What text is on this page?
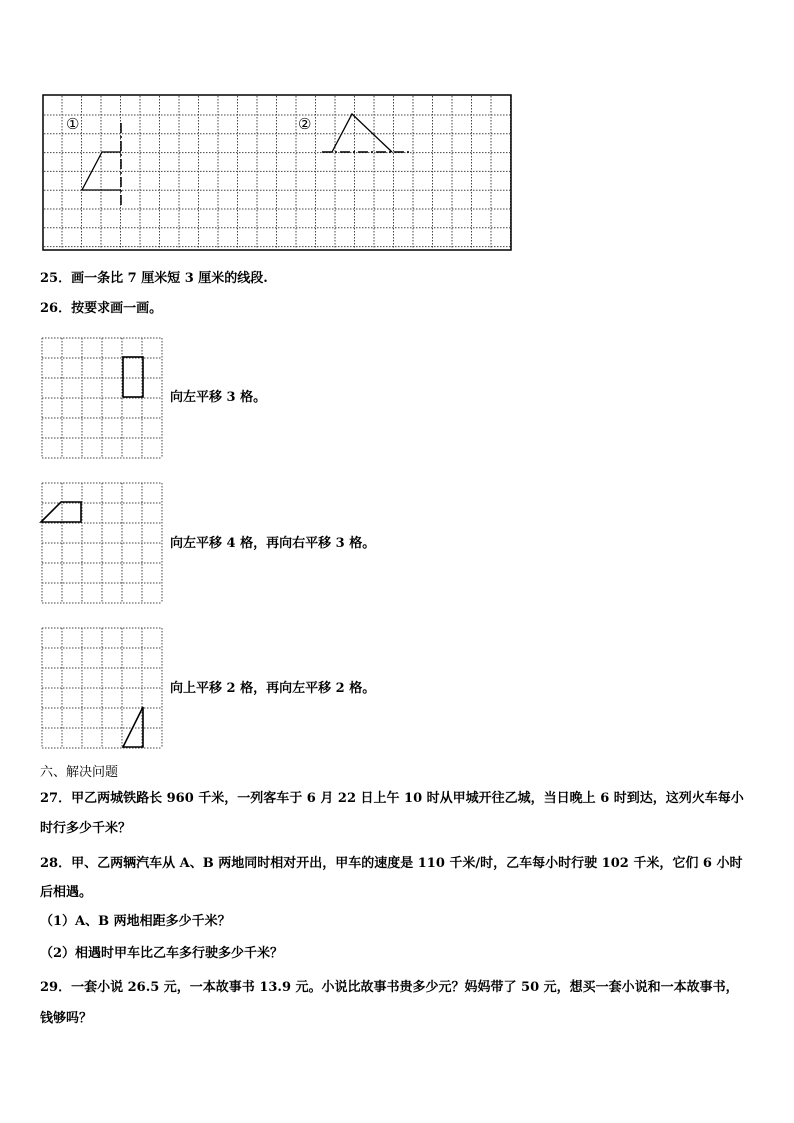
①	②
25．画一条比 7 厘米短 3 厘米的线段.
26．按要求画一画。
向左平移 3 格。
向左平移 4 格，再向右平移 3 格。
向上平移 2 格，再向左平移 2 格。
六、解决问题
27．甲乙两城铁路长 960 千米，一列客车于 6 月 22 日上午 10 时从甲城开往乙城，当日晚上 6 时到达，这列火车每小
时行多少千米？
28．甲、乙两辆汽车从 A、B 两地同时相对开出，甲车的速度是 110 千米/时，乙车每小时行驶 102 千米，它们 6 小时
后相遇。
（1）A、B 两地相距多少千米？
（2）相遇时甲车比乙车多行驶多少千米？
29．一套小说 26.5 元，一本故事书 13.9 元。小说比故事书贵多少元？妈妈带了 50 元，想买一套小说和一本故事书，
钱够吗？
